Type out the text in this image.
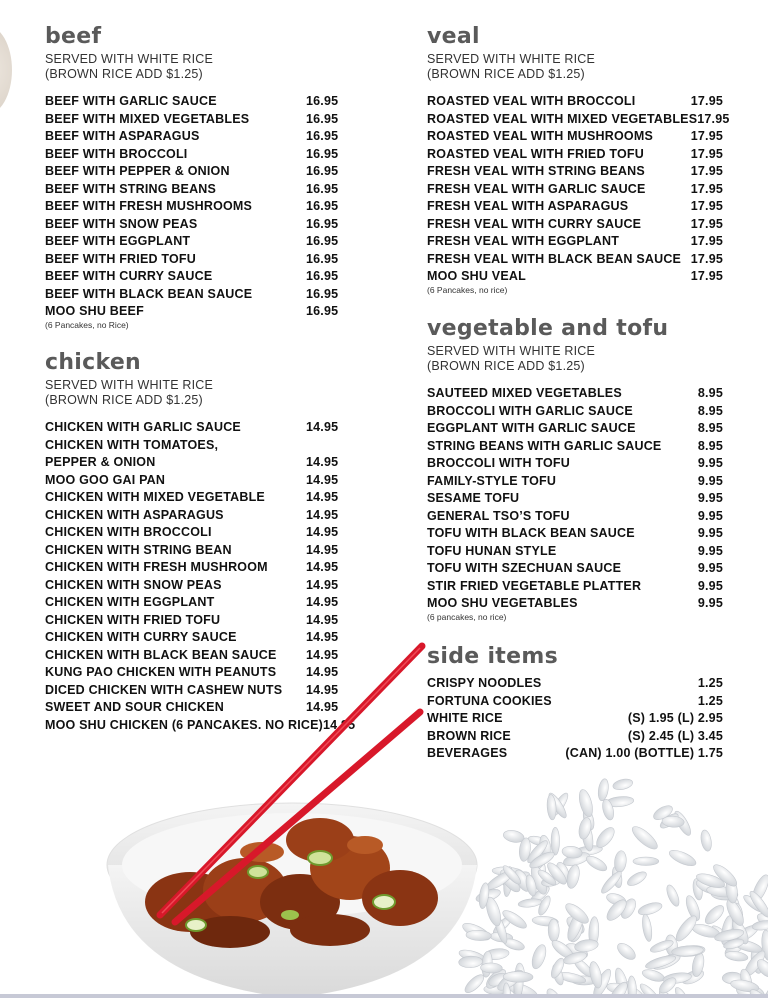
beef
SERVED WITH WHITE RICE
(BROWN RICE ADD $1.25)
BEEF WITH GARLIC SAUCE	16.95
BEEF WITH MIXED VEGETABLES	16.95
BEEF WITH ASPARAGUS	16.95
BEEF WITH BROCCOLI	16.95
BEEF WITH PEPPER & ONION	16.95
BEEF WITH STRING BEANS	16.95
BEEF WITH FRESH MUSHROOMS	16.95
BEEF WITH SNOW PEAS	16.95
BEEF WITH EGGPLANT	16.95
BEEF WITH FRIED TOFU	16.95
BEEF WITH CURRY SAUCE	16.95
BEEF WITH BLACK BEAN SAUCE	16.95
MOO SHU BEEF	16.95
(6 Pancakes, no Rice)
chicken
SERVED WITH WHITE RICE
(BROWN RICE ADD $1.25)
CHICKEN WITH GARLIC SAUCE	14.95
CHICKEN WITH TOMATOES,
PEPPER & ONION	14.95
MOO GOO GAI PAN	14.95
CHICKEN WITH MIXED VEGETABLE	14.95
CHICKEN WITH ASPARAGUS	14.95
CHICKEN WITH BROCCOLI	14.95
CHICKEN WITH STRING BEAN	14.95
CHICKEN WITH FRESH MUSHROOM	14.95
CHICKEN WITH SNOW PEAS	14.95
CHICKEN WITH EGGPLANT	14.95
CHICKEN WITH FRIED TOFU	14.95
CHICKEN WITH CURRY SAUCE	14.95
CHICKEN WITH BLACK BEAN SAUCE 14.95
KUNG PAO CHICKEN WITH PEANUTS 14.95
DICED CHICKEN WITH CASHEW NUTS 14.95
SWEET AND SOUR CHICKEN	14.95
MOO SHU CHICKEN (6 PANCAKES. NO RICE) 14.95
veal
SERVED WITH WHITE RICE
(BROWN RICE ADD $1.25)
ROASTED VEAL WITH BROCCOLI	17.95
ROASTED VEAL WITH MIXED VEGETABLES 17.95
ROASTED VEAL WITH MUSHROOMS	17.95
ROASTED VEAL WITH FRIED TOFU	17.95
FRESH VEAL WITH STRING BEANS	17.95
FRESH VEAL WITH GARLIC SAUCE	17.95
FRESH VEAL WITH ASPARAGUS	17.95
FRESH VEAL WITH CURRY SAUCE	17.95
FRESH VEAL WITH EGGPLANT	17.95
FRESH VEAL WITH BLACK BEAN SAUCE 17.95
MOO SHU VEAL	17.95
(6 Pancakes, no rice)
vegetable and tofu
SERVED WITH WHITE RICE
(BROWN RICE ADD $1.25)
SAUTEED MIXED VEGETABLES	8.95
BROCCOLI WITH GARLIC SAUCE	8.95
EGGPLANT WITH GARLIC SAUCE	8.95
STRING BEANS WITH GARLIC SAUCE	8.95
BROCCOLI WITH TOFU	9.95
FAMILY-STYLE TOFU	9.95
SESAME TOFU	9.95
GENERAL TSO’S TOFU	9.95
TOFU WITH BLACK BEAN SAUCE	9.95
TOFU HUNAN STYLE	9.95
TOFU WITH SZECHUAN SAUCE	9.95
STIR FRIED VEGETABLE PLATTER	9.95
MOO SHU VEGETABLES	9.95
(6 pancakes, no rice)
side items
CRISPY NOODLES	1.25
FORTUNA COOKIES	1.25
WHITE RICE	(S) 1.95 (L) 2.95
BROWN RICE	(S) 2.45 (L) 3.45
BEVERAGES	(CAN) 1.00 (BOTTLE) 1.75
